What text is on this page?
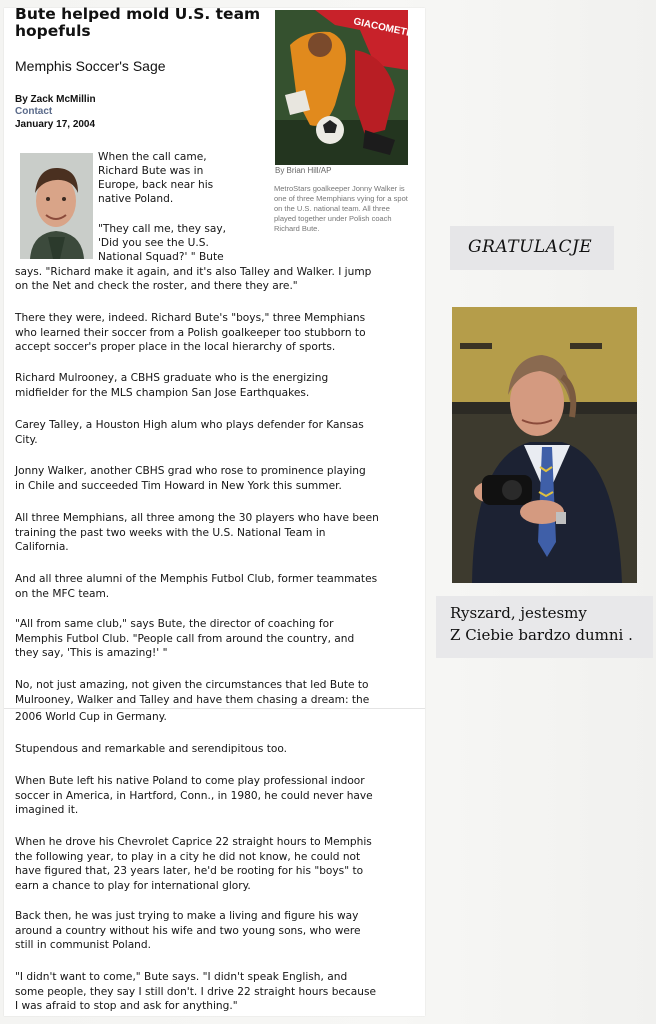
Bute helped mold U.S. team hopefuls
Memphis Soccer's Sage
By Zack McMillin
Contact
January 17, 2004
GIACOMETRI
By Brian Hill/AP
MetroStars goalkeeper Jonny Walker is one of three Memphians vying for a spot on the U.S. national team. All three played together under Polish coach Richard Bute.
When the call came,
Richard Bute was in
Europe, back near his
native Poland.
"They call me, they say,
'Did you see the U.S.
National Squad?' " Bute
says. "Richard make it again, and it's also Talley and Walker. I jump
on the Net and check the roster, and there they are."
There they were, indeed. Richard Bute's "boys," three Memphians
who learned their soccer from a Polish goalkeeper too stubborn to
accept soccer's proper place in the local hierarchy of sports.
Richard Mulrooney, a CBHS graduate who is the energizing
midfielder for the MLS champion San Jose Earthquakes.
Carey Talley, a Houston High alum who plays defender for Kansas
City.
Jonny Walker, another CBHS grad who rose to prominence playing
in Chile and succeeded Tim Howard in New York this summer.
All three Memphians, all three among the 30 players who have been
training the past two weeks with the U.S. National Team in
California.
And all three alumni of the Memphis Futbol Club, former teammates
on the MFC team.
"All from same club," says Bute, the director of coaching for
Memphis Futbol Club. "People call from around the country, and
they say, 'This is amazing!' "
No, not just amazing, not given the circumstances that led Bute to
Mulrooney, Walker and Talley and have them chasing a dream: the
2006 World Cup in Germany.
Stupendous and remarkable and serendipitous too.
When Bute left his native Poland to come play professional indoor
soccer in America, in Hartford, Conn., in 1980, he could never have
imagined it.
When he drove his Chevrolet Caprice 22 straight hours to Memphis
the following year, to play in a city he did not know, he could not
have figured that, 23 years later, he'd be rooting for his "boys" to
earn a chance to play for international glory.
Back then, he was just trying to make a living and figure his way
around a country without his wife and two young sons, who were
still in communist Poland.
"I didn't want to come," Bute says. "I didn't speak English, and
some people, they say I still don't. I drive 22 straight hours because
I was afraid to stop and ask for anything."
GRATULACJE
Ryszard, jestesmy
Z Ciebie bardzo dumni .
